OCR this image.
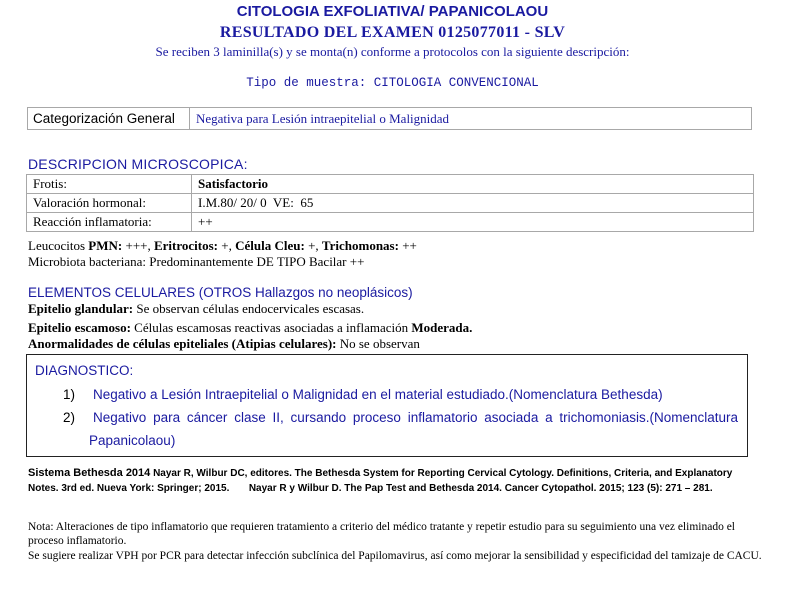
CITOLOGIA EXFOLIATIVA/ PAPANICOLAOU
RESULTADO DEL EXAMEN 0125077011 - SLV
Se reciben 3 laminilla(s) y se monta(n) conforme a protocolos con la siguiente descripción:
Tipo de muestra: CITOLOGIA CONVENCIONAL
Categorización General Negativa para Lesión intraepitelial o Malignidad
DESCRIPCION MICROSCOPICA:
Frotis:	Satisfactorio
Valoración hormonal:	I.M.80/ 20/ 0  VE:  65
Reacción inflamatoria:	++
Leucocitos PMN: +++, Eritrocitos: +, Célula Cleu: +, Trichomonas: ++
Microbiota bacteriana: Predominantemente DE TIPO Bacilar ++
ELEMENTOS CELULARES (OTROS Hallazgos no neoplásicos)
Epitelio glandular: Se observan células endocervicales escasas.
Epitelio escamoso: Células escamosas reactivas asociadas a inflamación Moderada.
Anormalidades de células epiteliales (Atipias celulares): No se observan
DIAGNOSTICO:
1) Negativo a Lesión Intraepitelial o Malignidad en el material estudiado.(Nomenclatura Bethesda)
2) Negativo para cáncer clase II, cursando proceso inflamatorio asociada a trichomoniasis.(Nomenclatura
Papanicolaou)
Sistema Bethesda 2014 Nayar R, Wilbur DC, editores. The Bethesda System for Reporting Cervical Cytology. Definitions, Criteria, and Explanatory Notes. 3rd ed. Nueva York: Springer; 2015.       Nayar R y Wilbur D. The Pap Test and Bethesda 2014. Cancer Cytopathol. 2015; 123 (5): 271 – 281.
Nota: Alteraciones de tipo inflamatorio que requieren tratamiento a criterio del médico tratante y repetir estudio para su seguimiento una vez eliminado el proceso inflamatorio.
Se sugiere realizar VPH por PCR para detectar infección subclínica del Papilomavirus, así como mejorar la sensibilidad y especificidad del tamizaje de CACU.
